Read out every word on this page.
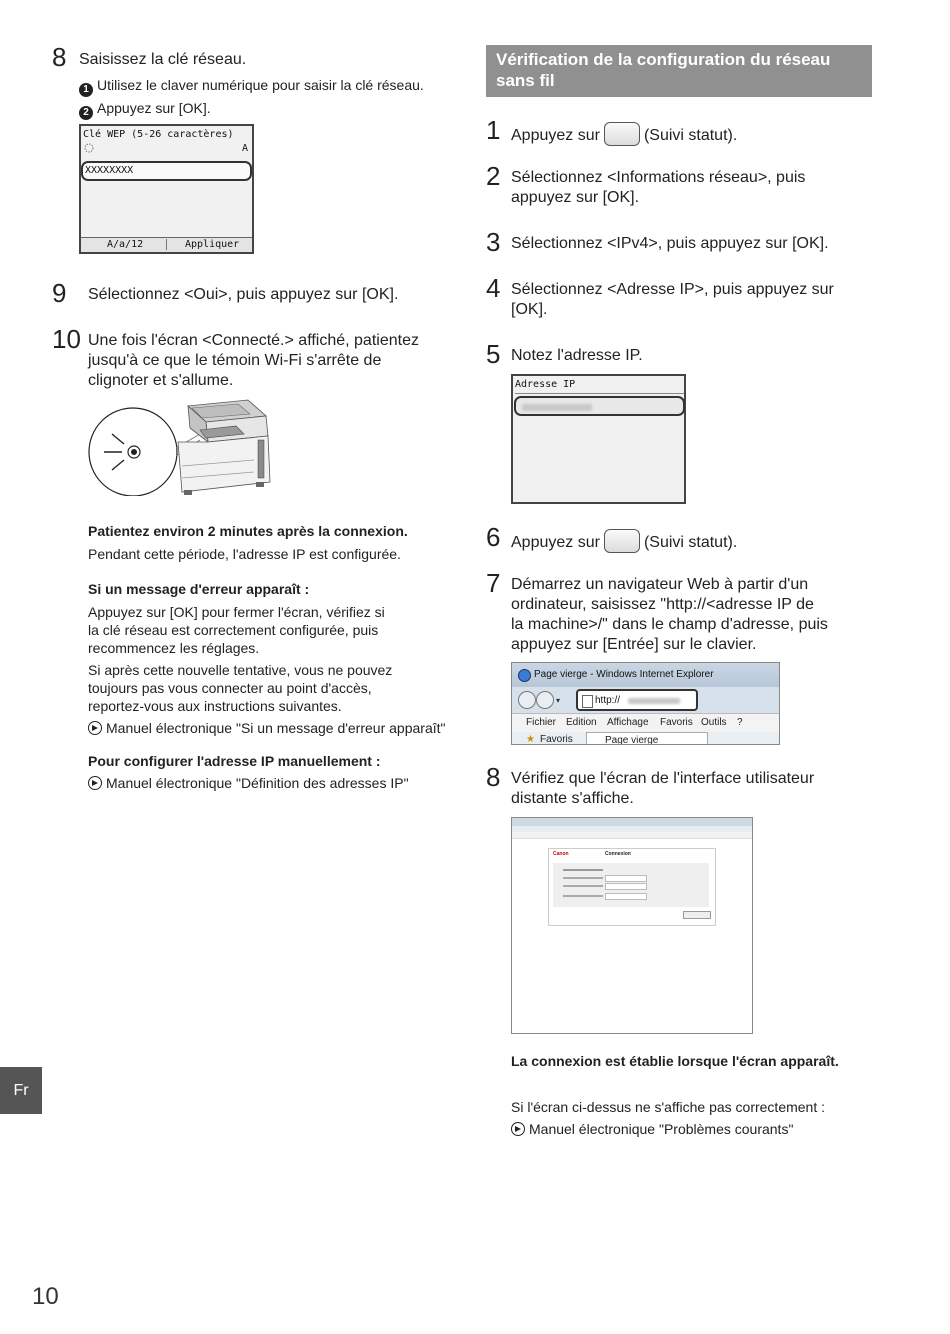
8 Saisissez la clé réseau.
1 Utilisez le claver numérique pour saisir la clé réseau.
2 Appuyez sur [OK].
Clé WEP (5-26 caractères)
A
XXXXXXXX
A/a/12	Appliquer
9 Sélectionnez <Oui>, puis appuyez sur [OK].
10 Une fois l'écran <Connecté.> affiché, patientez
jusqu'à ce que le témoin Wi-Fi s'arrête de
clignoter et s'allume.
Patientez environ 2 minutes après la connexion.
Pendant cette période, l'adresse IP est configurée.
Si un message d'erreur apparaît :
Appuyez sur [OK] pour fermer l'écran, vérifiez si
la clé réseau est correctement configurée, puis
recommencez les réglages.
Si après cette nouvelle tentative, vous ne pouvez
toujours pas vous connecter au point d'accès,
reportez-vous aux instructions suivantes.
Manuel électronique "Si un message d'erreur apparaît"
Pour configurer l'adresse IP manuellement :
Manuel électronique "Définition des adresses IP"
Vérification de la configuration du réseau
sans fil
1 Appuyez sur	(Suivi statut).
2 Sélectionnez <Informations réseau>, puis
appuyez sur [OK].
3 Sélectionnez <IPv4>, puis appuyez sur [OK].
4 Sélectionnez <Adresse IP>, puis appuyez sur
[OK].
5 Notez l'adresse IP.
Adresse IP
6 Appuyez sur	(Suivi statut).
7 Démarrez un navigateur Web à partir d'un
ordinateur, saisissez "http://<adresse IP de
la machine>/" dans le champ d'adresse, puis
appuyez sur [Entrée] sur le clavier.
Page vierge - Windows Internet Explorer
▾	http://
Fichier Edition Affichage Favoris Outils ?
★ Favoris	Page vierge
8 Vérifiez que l'écran de l'interface utilisateur
distante s'affiche.
Canon	Connexion
La connexion est établie lorsque l'écran apparaît.
Si l'écran ci-dessus ne s'affiche pas correctement :
Manuel électronique "Problèmes courants"
Fr
10
